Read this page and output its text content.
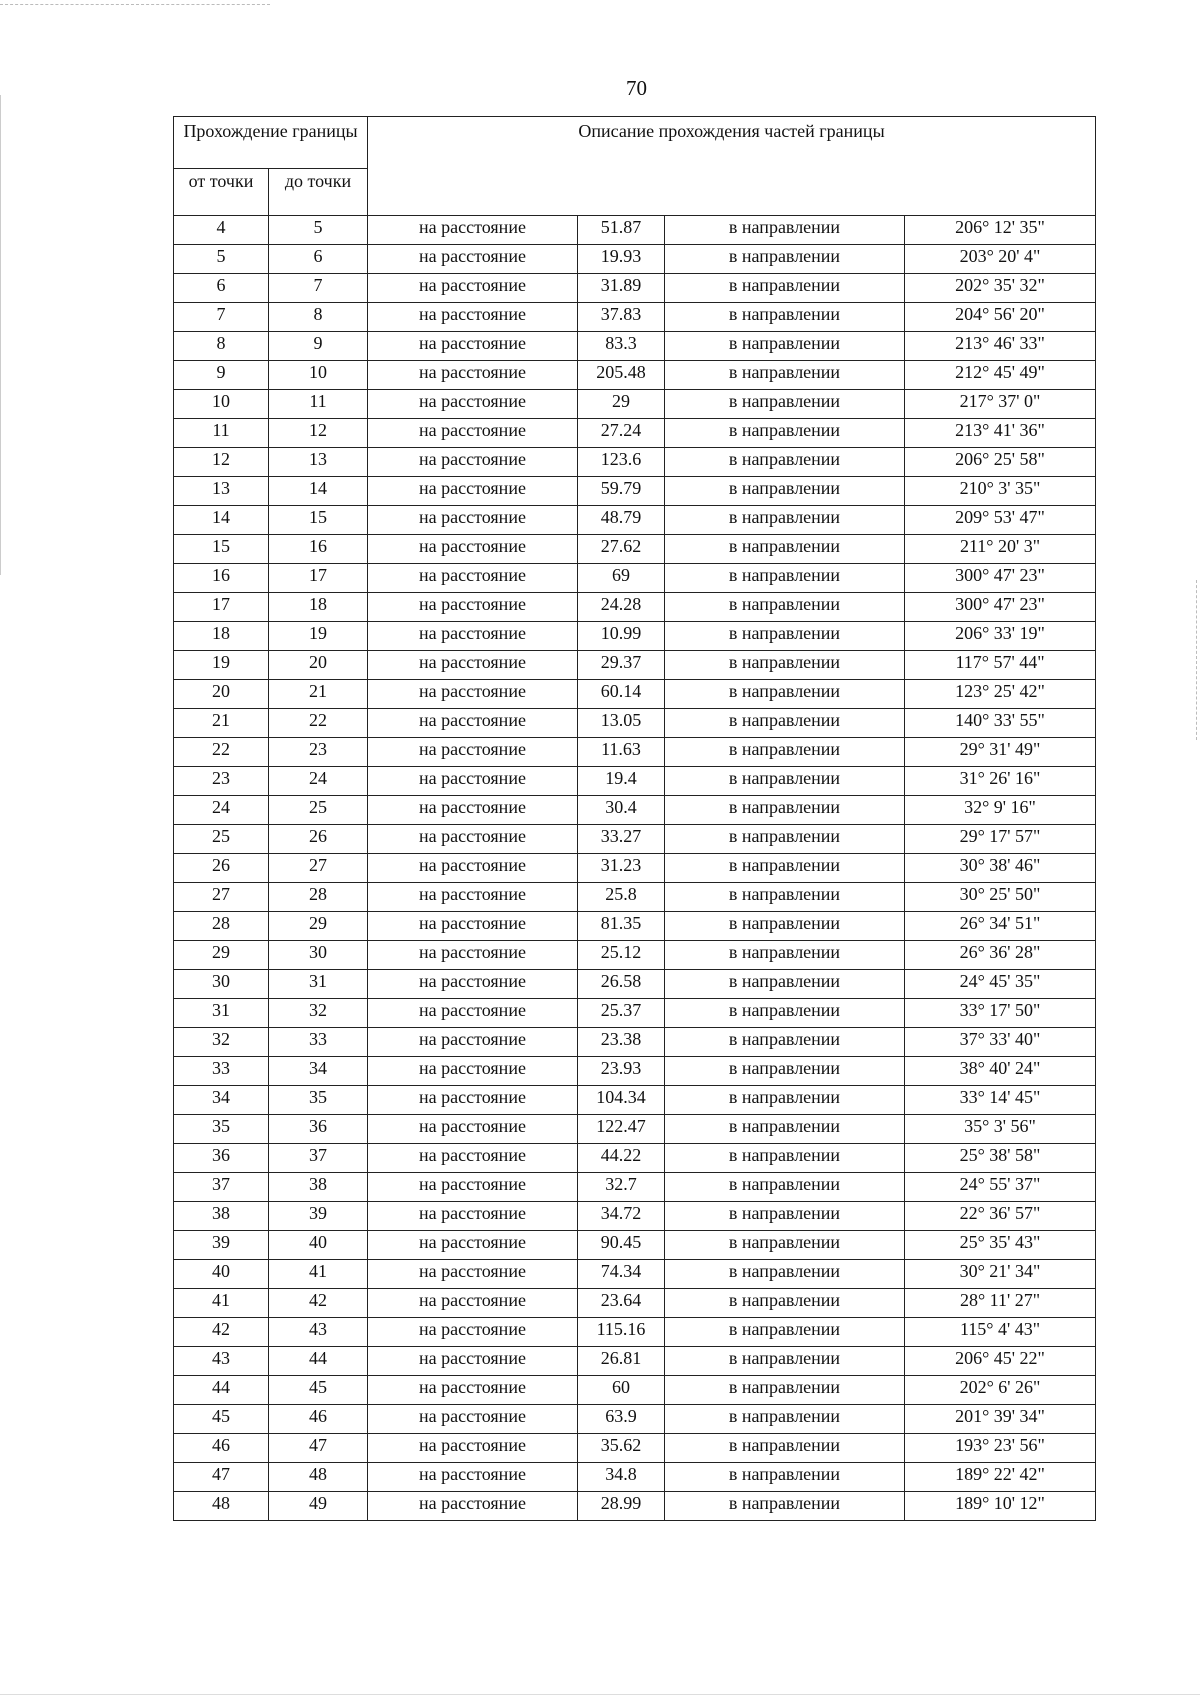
70
Прохождение границы		Описание прохождения частей границы			
от точки	до точки				
4	5	на расстояние	51.87	в направлении	206° 12' 35"
5	6	на расстояние	19.93	в направлении	203° 20' 4"
6	7	на расстояние	31.89	в направлении	202° 35' 32"
7	8	на расстояние	37.83	в направлении	204° 56' 20"
8	9	на расстояние	83.3	в направлении	213° 46' 33"
9	10	на расстояние	205.48	в направлении	212° 45' 49"
10	11	на расстояние	29	в направлении	217° 37' 0"
11	12	на расстояние	27.24	в направлении	213° 41' 36"
12	13	на расстояние	123.6	в направлении	206° 25' 58"
13	14	на расстояние	59.79	в направлении	210° 3' 35"
14	15	на расстояние	48.79	в направлении	209° 53' 47"
15	16	на расстояние	27.62	в направлении	211° 20' 3"
16	17	на расстояние	69	в направлении	300° 47' 23"
17	18	на расстояние	24.28	в направлении	300° 47' 23"
18	19	на расстояние	10.99	в направлении	206° 33' 19"
19	20	на расстояние	29.37	в направлении	117° 57' 44"
20	21	на расстояние	60.14	в направлении	123° 25' 42"
21	22	на расстояние	13.05	в направлении	140° 33' 55"
22	23	на расстояние	11.63	в направлении	29° 31' 49"
23	24	на расстояние	19.4	в направлении	31° 26' 16"
24	25	на расстояние	30.4	в направлении	32° 9' 16"
25	26	на расстояние	33.27	в направлении	29° 17' 57"
26	27	на расстояние	31.23	в направлении	30° 38' 46"
27	28	на расстояние	25.8	в направлении	30° 25' 50"
28	29	на расстояние	81.35	в направлении	26° 34' 51"
29	30	на расстояние	25.12	в направлении	26° 36' 28"
30	31	на расстояние	26.58	в направлении	24° 45' 35"
31	32	на расстояние	25.37	в направлении	33° 17' 50"
32	33	на расстояние	23.38	в направлении	37° 33' 40"
33	34	на расстояние	23.93	в направлении	38° 40' 24"
34	35	на расстояние	104.34	в направлении	33° 14' 45"
35	36	на расстояние	122.47	в направлении	35° 3' 56"
36	37	на расстояние	44.22	в направлении	25° 38' 58"
37	38	на расстояние	32.7	в направлении	24° 55' 37"
38	39	на расстояние	34.72	в направлении	22° 36' 57"
39	40	на расстояние	90.45	в направлении	25° 35' 43"
40	41	на расстояние	74.34	в направлении	30° 21' 34"
41	42	на расстояние	23.64	в направлении	28° 11' 27"
42	43	на расстояние	115.16	в направлении	115° 4' 43"
43	44	на расстояние	26.81	в направлении	206° 45' 22"
44	45	на расстояние	60	в направлении	202° 6' 26"
45	46	на расстояние	63.9	в направлении	201° 39' 34"
46	47	на расстояние	35.62	в направлении	193° 23' 56"
47	48	на расстояние	34.8	в направлении	189° 22' 42"
48	49	на расстояние	28.99	в направлении	189° 10' 12"
